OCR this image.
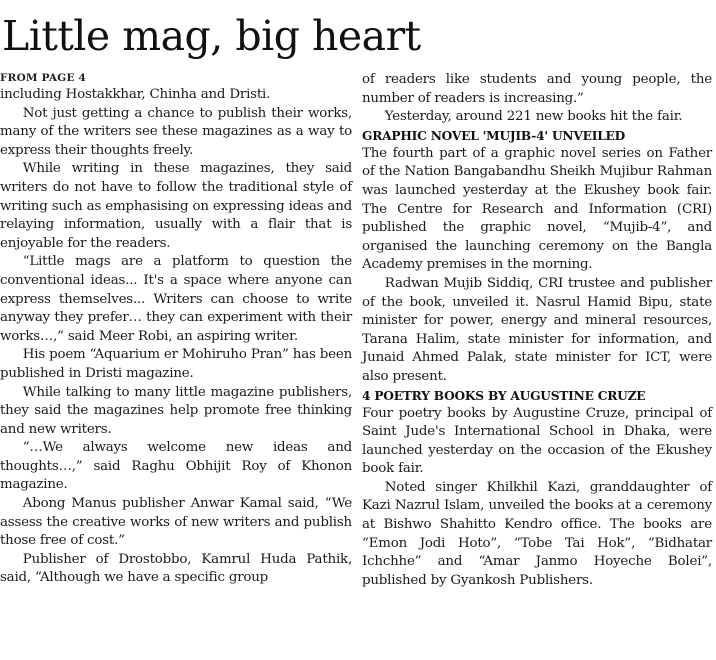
Little mag, big heart
FROM PAGE 4

including Hostakkhar, Chinha and Dristi.

Not just getting a chance to publish their works, many of the writers see these magazines as a way to express their thoughts freely.

While writing in these magazines, they said writers do not have to follow the traditional style of writing such as emphasising on expressing ideas and relaying information, usually with a flair that is enjoyable for the readers.

“Little mags are a platform to question the conventional ideas... It's a space where anyone can express themselves... Writers can choose to write anyway they prefer… they can experiment with their works…,” said Meer Robi, an aspiring writer.

His poem “Aquarium er Mohiruho Pran” has been published in Dristi magazine.

While talking to many little magazine publishers, they said the magazines help promote free thinking and new writers.

“…We always welcome new ideas and thoughts…,” said Raghu Obhijit Roy of Khonon magazine.

Abong Manus publisher Anwar Kamal said, “We assess the creative works of new writers and publish those free of cost.”

Publisher of Drostobbo, Kamrul Huda Pathik, said, “Although we have a specific group

of readers like students and young people, the number of readers is increasing.”

Yesterday, around 221 new books hit the fair.

GRAPHIC NOVEL 'MUJIB-4' UNVEILED

The fourth part of a graphic novel series on Father of the Nation Bangabandhu Sheikh Mujibur Rahman was launched yesterday at the Ekushey book fair. The Centre for Research and Information (CRI) published the graphic novel, “Mujib-4”, and organised the launching ceremony on the Bangla Academy premises in the morning.

Radwan Mujib Siddiq, CRI trustee and publisher of the book, unveiled it. Nasrul Hamid Bipu, state minister for power, energy and mineral resources, Tarana Halim, state minister for information, and Junaid Ahmed Palak, state minister for ICT, were also present.

4 POETRY BOOKS BY AUGUSTINE CRUZE

Four poetry books by Augustine Cruze, principal of Saint Jude's International School in Dhaka, were launched yesterday on the occasion of the Ekushey book fair.

Noted singer Khilkhil Kazi, granddaughter of Kazi Nazrul Islam, unveiled the books at a ceremony at Bishwo Shahitto Kendro office. The books are “Emon Jodi Hoto”, “Tobe Tai Hok”, “Bidhatar Ichchhe” and “Amar Janmo Hoyeche Bolei”, published by Gyankosh Publishers.
